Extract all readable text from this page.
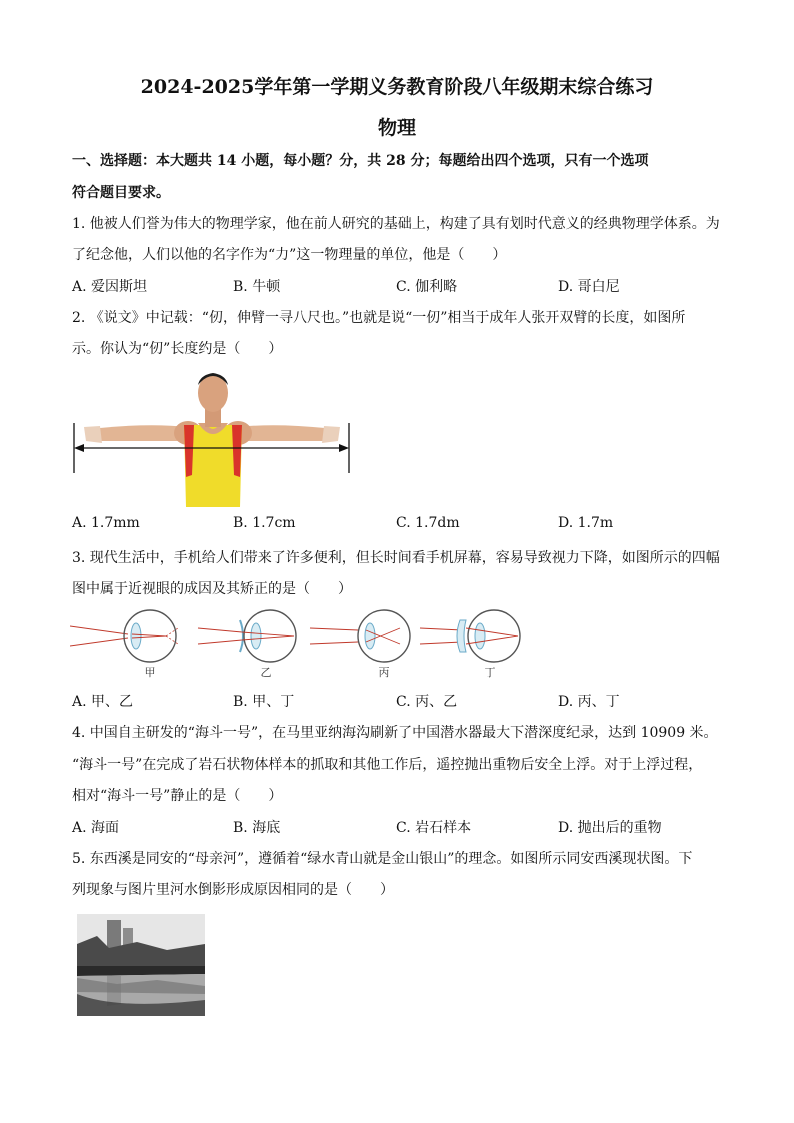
2024-2025学年第一学期义务教育阶段八年级期末综合练习
物理
一、选择题：本大题共 14 小题，每小题？分，共 28 分；每题给出四个选项，只有一个选项
符合题目要求。
1. 他被人们誉为伟大的物理学家，他在前人研究的基础上，构建了具有划时代意义的经典物理学体系。为
了纪念他，人们以他的名字作为“力”这一物理量的单位，他是（　　）
A. 爱因斯坦	B. 牛顿	C. 伽利略	D. 哥白尼
2. 《说文》中记载：“仞，伸臂一寻八尺也。”也就是说“一仞”相当于成年人张开双臂的长度，如图所
示。你认为“仞”长度约是（　　）
A. 1.7mm	B. 1.7cm	C. 1.7dm	D. 1.7m
3. 现代生活中，手机给人们带来了许多便利，但长时间看手机屏幕，容易导致视力下降，如图所示的四幅
图中属于近视眼的成因及其矫正的是（　　）
甲	乙	丙	丁
A. 甲、乙	B. 甲、丁	C. 丙、乙	D. 丙、丁
4. 中国自主研发的“海斗一号”，在马里亚纳海沟刷新了中国潜水器最大下潜深度纪录，达到 10909 米。
“海斗一号”在完成了岩石状物体样本的抓取和其他工作后，遥控抛出重物后安全上浮。对于上浮过程，
相对“海斗一号”静止的是（　　）
A. 海面	B. 海底	C. 岩石样本	D. 抛出后的重物
5. 东西溪是同安的“母亲河”，遵循着“绿水青山就是金山银山”的理念。如图所示同安西溪现状图。下
列现象与图片里河水倒影形成原因相同的是（　　）
